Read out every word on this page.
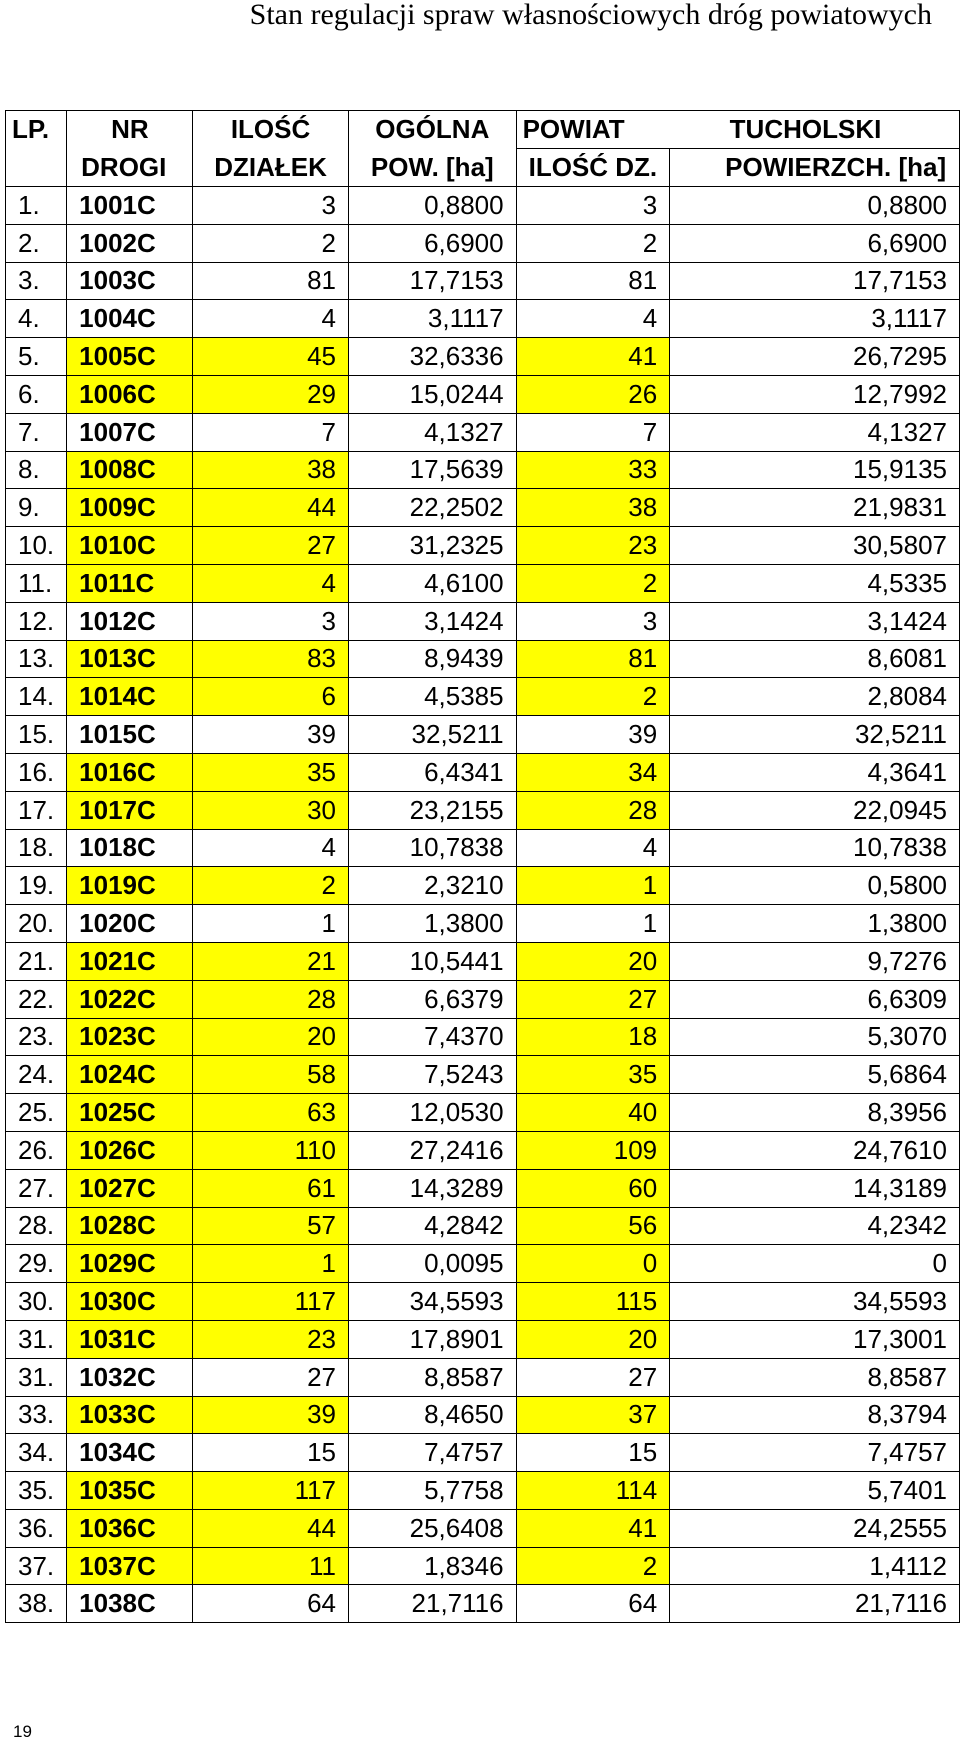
Stan regulacji spraw własnościowych dróg powiatowych
LP.	NR	ILOŚĆ	OGÓLNA	POWIAT	TUCHOLSKI
	DROGI	DZIAŁEK	POW. [ha]	ILOŚĆ DZ.	POWIERZCH. [ha]
1.	1001C	3	0,8800	3	0,8800
2.	1002C	2	6,6900	2	6,6900
3.	1003C	81	17,7153	81	17,7153
4.	1004C	4	3,1117	4	3,1117
5.	1005C	45	32,6336	41	26,7295
6.	1006C	29	15,0244	26	12,7992
7.	1007C	7	4,1327	7	4,1327
8.	1008C	38	17,5639	33	15,9135
9.	1009C	44	22,2502	38	21,9831
10.	1010C	27	31,2325	23	30,5807
11.	1011C	4	4,6100	2	4,5335
12.	1012C	3	3,1424	3	3,1424
13.	1013C	83	8,9439	81	8,6081
14.	1014C	6	4,5385	2	2,8084
15.	1015C	39	32,5211	39	32,5211
16.	1016C	35	6,4341	34	4,3641
17.	1017C	30	23,2155	28	22,0945
18.	1018C	4	10,7838	4	10,7838
19.	1019C	2	2,3210	1	0,5800
20.	1020C	1	1,3800	1	1,3800
21.	1021C	21	10,5441	20	9,7276
22.	1022C	28	6,6379	27	6,6309
23.	1023C	20	7,4370	18	5,3070
24.	1024C	58	7,5243	35	5,6864
25.	1025C	63	12,0530	40	8,3956
26.	1026C	110	27,2416	109	24,7610
27.	1027C	61	14,3289	60	14,3189
28.	1028C	57	4,2842	56	4,2342
29.	1029C	1	0,0095	0	0
30.	1030C	117	34,5593	115	34,5593
31.	1031C	23	17,8901	20	17,3001
31.	1032C	27	8,8587	27	8,8587
33.	1033C	39	8,4650	37	8,3794
34.	1034C	15	7,4757	15	7,4757
35.	1035C	117	5,7758	114	5,7401
36.	1036C	44	25,6408	41	24,2555
37.	1037C	11	1,8346	2	1,4112
38.	1038C	64	21,7116	64	21,7116
19
